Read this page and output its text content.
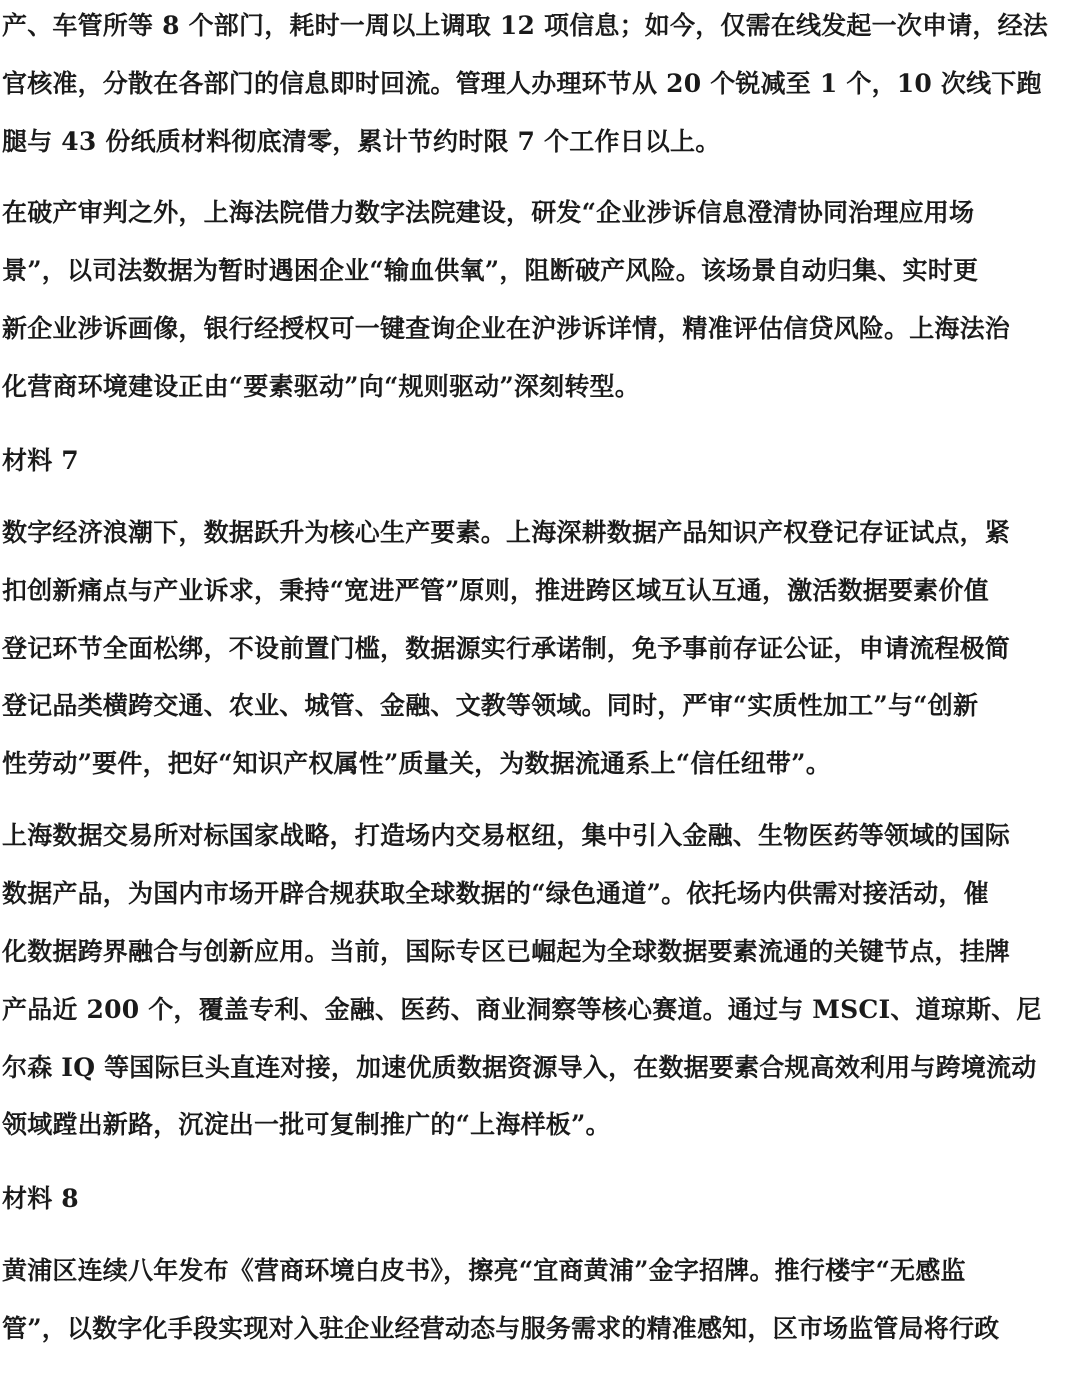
产、车管所等 8 个部门，耗时一周以上调取 12 项信息；如今，仅需在线发起一次申请，经法
官核准，分散在各部门的信息即时回流。管理人办理环节从 20 个锐减至 1 个，10 次线下跑
腿与 43 份纸质材料彻底清零，累计节约时限 7 个工作日以上。
在破产审判之外，上海法院借力数字法院建设，研发“企业涉诉信息澄清协同治理应用场
景”，以司法数据为暂时遇困企业“输血供氧”，阻断破产风险。该场景自动归集、实时更
新企业涉诉画像，银行经授权可一键查询企业在沪涉诉详情，精准评估信贷风险。上海法治
化营商环境建设正由“要素驱动”向“规则驱动”深刻转型。
材料 7
数字经济浪潮下，数据跃升为核心生产要素。上海深耕数据产品知识产权登记存证试点，紧
扣创新痛点与产业诉求，秉持“宽进严管”原则，推进跨区域互认互通，激活数据要素价值
登记环节全面松绑，不设前置门槛，数据源实行承诺制，免予事前存证公证，申请流程极简
登记品类横跨交通、农业、城管、金融、文教等领域。同时，严审“实质性加工”与“创新
性劳动”要件，把好“知识产权属性”质量关，为数据流通系上“信任纽带”。
上海数据交易所对标国家战略，打造场内交易枢纽，集中引入金融、生物医药等领域的国际
数据产品，为国内市场开辟合规获取全球数据的“绿色通道”。依托场内供需对接活动，催
化数据跨界融合与创新应用。当前，国际专区已崛起为全球数据要素流通的关键节点，挂牌
产品近 200 个，覆盖专利、金融、医药、商业洞察等核心赛道。通过与 MSCI、道琼斯、尼
尔森 IQ 等国际巨头直连对接，加速优质数据资源导入，在数据要素合规高效利用与跨境流动
领域蹚出新路，沉淀出一批可复制推广的“上海样板”。
材料 8
黄浦区连续八年发布《营商环境白皮书》，擦亮“宜商黄浦”金字招牌。推行楼宇“无感监
管”，以数字化手段实现对入驻企业经营动态与服务需求的精准感知，区市场监管局将行政
